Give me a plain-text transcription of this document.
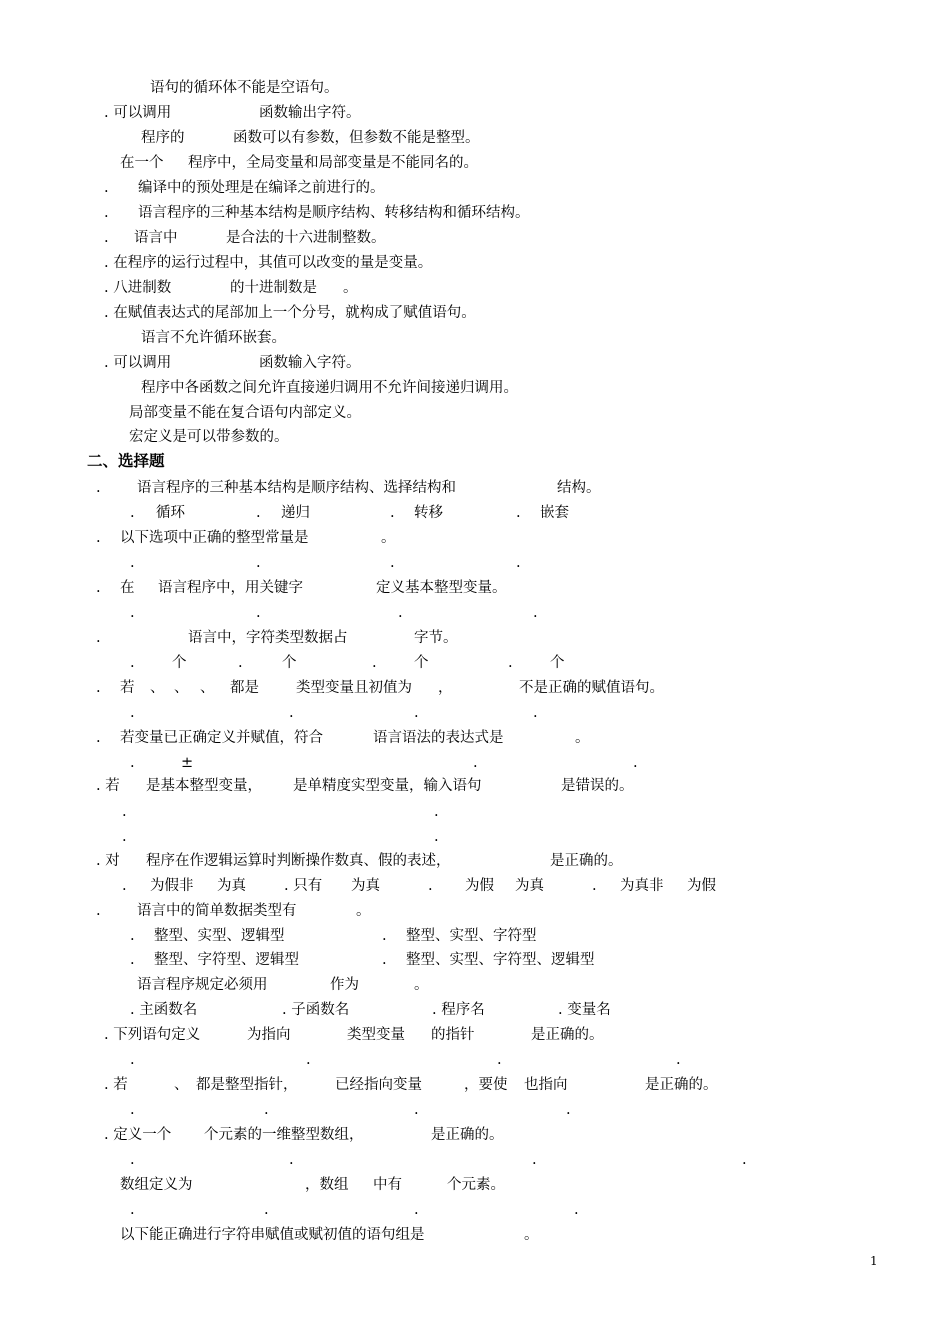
语句的循环体不能是空语句。
. 可以调用	函数输出字符。
程序的	函数可以有参数，但参数不能是整型。
在一个 程序中，全局变量和局部变量是不能同名的。
. 编译中的预处理是在编译之前进行的。
. 语言程序的三种基本结构是顺序结构、转移结构和循环结构。
. 语言中	是合法的十六进制整数。
. 在程序的运行过程中，其值可以改变的量是变量。
. 八进制数	的十进制数是 。
. 在赋值表达式的尾部加上一个分号，就构成了赋值语句。
语言不允许循环嵌套。
. 可以调用	函数输入字符。
程序中各函数之间允许直接递归调用不允许间接递归调用。
局部变量不能在复合语句内部定义。
宏定义是可以带参数的。
二、选择题
.	语言程序的三种基本结构是顺序结构、选择结构和	结构。
. 循环	. 递归	. 转移	. 嵌套
. 以下选项中正确的整型常量是	。
.	.	.	.
. 在 语言程序中，用关键字	定义基本整型变量。
.	.	.	.
.	语言中，字符类型数据占	字节。
.	个	.	个	.	个	.	个
. 若 、 、 、 都是	类型变量且初值为 ，	不是正确的赋值语句。
.	.	.	.
. 若变量已正确定义并赋值，符合	语言语法的表达式是	。
.	±	.	.
. 若 是基本整型变量， 是单精度实型变量，输入语句	是错误的。
.	.
.	.
. 对 程序在作逻辑运算时判断操作数真、假的表述，	是正确的。
. 为假非 为真	. 只有 为真	. 为假 为真	. 为真非 为假
.	语言中的简单数据类型有	。
. 整型、实型、逻辑型	. 整型、实型、字符型
. 整型、字符型、逻辑型	. 整型、实型、字符型、逻辑型
语言程序规定必须用	作为	。
. 主函数名	. 子函数名	. 程序名	. 变量名
. 下列语句定义	为指向	类型变量 的指针	是正确的。
.	.	.	.
. 若	、 都是整型指针，	已经指向变量	，要使 也指向	是正确的。
.	.	.	.
. 定义一个 个元素的一维整型数组，	是正确的。
.	.	.	.
数组定义为	，数组 中有	个元素。
.	.	.	.
以下能正确进行字符串赋值或赋初值的语句组是	。
1
